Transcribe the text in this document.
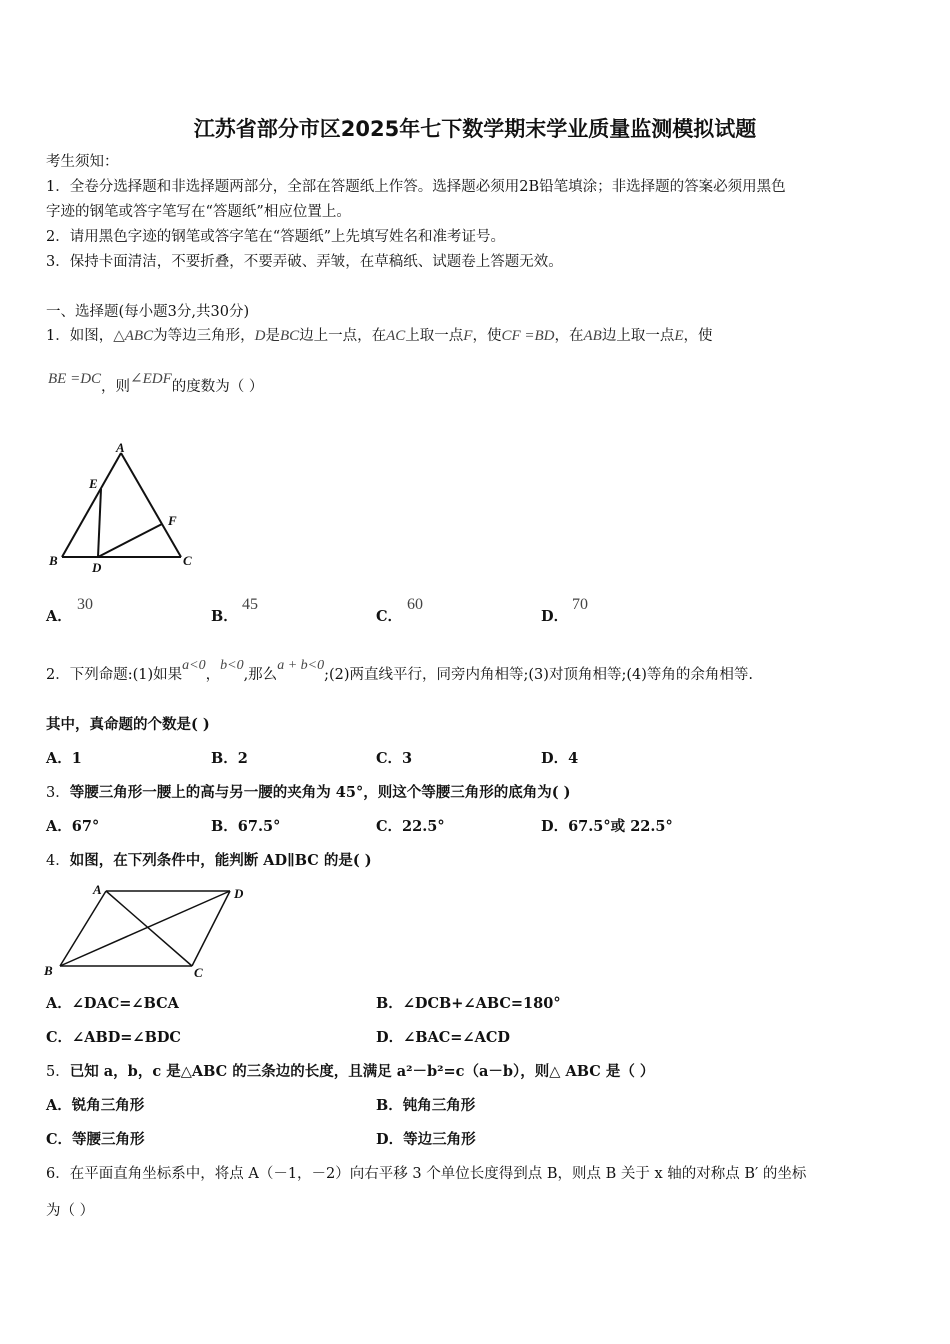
江苏省部分市区2025年七下数学期末学业质量监测模拟试题
考生须知：
1．全卷分选择题和非选择题两部分，全部在答题纸上作答。选择题必须用2B铅笔填涂；非选择题的答案必须用黑色
字迹的钢笔或答字笔写在“答题纸”相应位置上。
2．请用黑色字迹的钢笔或答字笔在“答题纸”上先填写姓名和准考证号。
3．保持卡面清洁，不要折叠，不要弄破、弄皱，在草稿纸、试题卷上答题无效。
一、选择题(每小题3分,共30分)
1．如图，△ABC为等边三角形，D是BC边上一点，在AC上取一点F，使CF =BD，在AB边上取一点E，使
BE =DC，则∠EDF的度数为（ ）
A
E
F
B	D	C
A．
30
B．
45
C．
60
D．
70
2．下列命题:(1)如果a<0，b<0,那么a + b<0;(2)两直线平行，同旁内角相等;(3)对顶角相等;(4)等角的余角相等.
其中，真命题的个数是( )
A．1	B．2	C．3	D．4
3．等腰三角形一腰上的高与另一腰的夹角为 45°，则这个等腰三角形的底角为( )
A．67°	B．67.5°	C．22.5°	D．67.5°或 22.5°
4．如图，在下列条件中，能判断 AD∥BC 的是( )
A	D
B	C
A．∠DAC=∠BCA	B．∠DCB+∠ABC=180°
C．∠ABD=∠BDC	D．∠BAC=∠ACD
5．已知 a，b，c 是△ABC 的三条边的长度，且满足 a²－b²=c（a－b），则△ ABC 是（ ）
A．锐角三角形	B．钝角三角形
C．等腰三角形	D．等边三角形
6．在平面直角坐标系中，将点 A（－1，－2）向右平移 3 个单位长度得到点 B，则点 B 关于 x 轴的对称点 B′ 的坐标
为（ ）
